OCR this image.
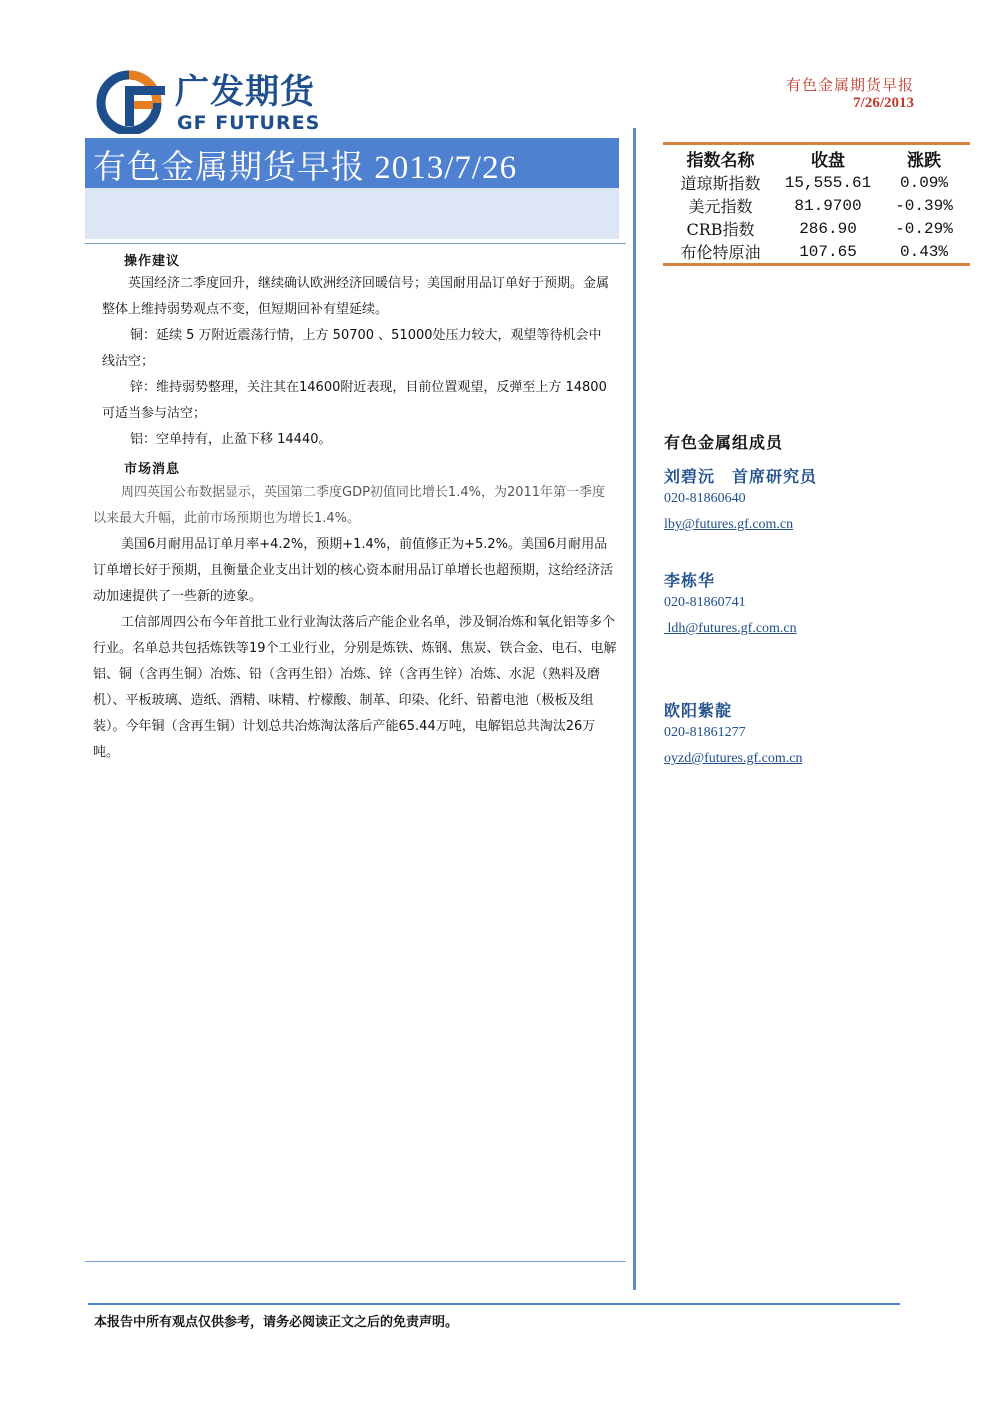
广发期货
GF FUTURES
有色金属期货早报
7/26/2013
有色金属期货早报 2013/7/26
操作建议

英国经济二季度回升，继续确认欧洲经济回暖信号；美国耐用品订单好于预期。金属整体上维持弱势观点不变，但短期回补有望延续。

铜：延续 5 万附近震荡行情，上方 50700 、51000处压力较大，观望等待机会中线沽空；

锌：维持弱势整理，关注其在14600附近表现，目前位置观望，反弹至上方 14800可适当参与沽空；

铝：空单持有，止盈下移 14440。

市场消息

周四英国公布数据显示，英国第二季度GDP初值同比增长1.4%，为2011年第一季度以来最大升幅，此前市场预期也为增长1.4%。

美国6月耐用品订单月率+4.2%，预期+1.4%，前值修正为+5.2%。美国6月耐用品订单增长好于预期，且衡量企业支出计划的核心资本耐用品订单增长也超预期，这给经济活动加速提供了一些新的迹象。

工信部周四公布今年首批工业行业淘汰落后产能企业名单，涉及铜冶炼和氧化铝等多个行业。名单总共包括炼铁等19个工业行业，分别是炼铁、炼钢、焦炭、铁合金、电石、电解铝、铜（含再生铜）冶炼、铅（含再生铅）冶炼、锌（含再生锌）冶炼、水泥（熟料及磨机）、平板玻璃、造纸、酒精、味精、柠檬酸、制革、印染、化纤、铅蓄电池（极板及组装）。今年铜（含再生铜）计划总共冶炼淘汰落后产能65.44万吨，电解铝总共淘汰26万吨。

指数名称	收盘	涨跌
道琼斯指数	15,555.61	0.09%
美元指数	81.9700	-0.39%
CRB指数	286.90	-0.29%
布伦特原油	107.65	0.43%
有色金属组成员
刘碧沅　首席研究员
020-81860640
lby@futures.gf.com.cn
李栋华
020-81860741
ldh@futures.gf.com.cn
欧阳紫靛
020-81861277
oyzd@futures.gf.com.cn
本报告中所有观点仅供参考，请务必阅读正文之后的免责声明。
